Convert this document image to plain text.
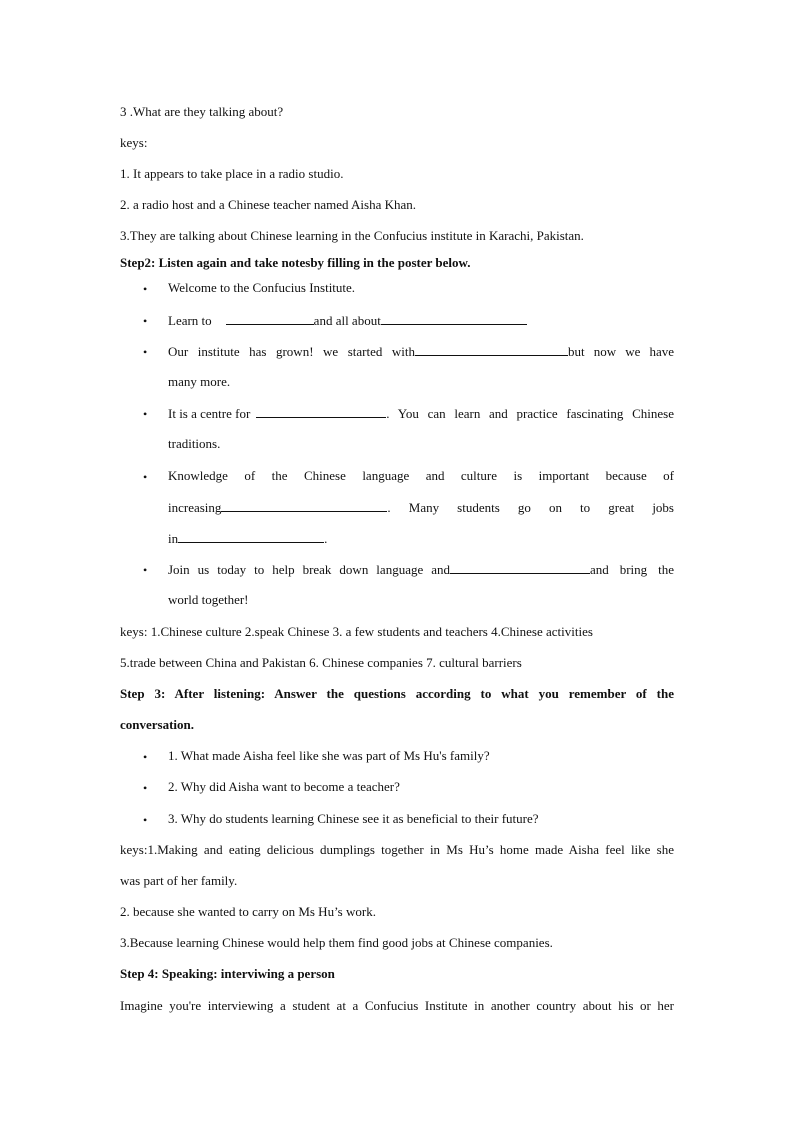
3 .What are they talking about?
keys:
1. It appears to take place in a radio studio.
2. a radio host and a Chinese teacher named Aisha Khan.
3.They are talking about Chinese learning in the Confucius institute in Karachi, Pakistan.
Step2: Listen again and take notesby filling in the poster below.
• Welcome to the Confucius Institute.
• Learn to	and all about
• Our institute has grown! we started with	but now we have
many more.
• It is a centre for	. You can learn and practice fascinating Chinese
traditions.
• Knowledge of the Chinese language and culture is important because of
increasing	. Many students go on to great jobs
in	.
• Join us today to help break down language and	and bring the
world together!
keys: 1.Chinese culture 2.speak Chinese 3. a few students and teachers 4.Chinese activities
5.trade between China and Pakistan 6. Chinese companies 7. cultural barriers
Step 3: After listening: Answer the questions according to what you remember of the
conversation.
• 1. What made Aisha feel like she was part of Ms Hu's family?
• 2. Why did Aisha want to become a teacher?
• 3. Why do students learning Chinese see it as beneficial to their future?
keys:1.Making and eating delicious dumplings together in Ms Hu’s home made Aisha feel like she
was part of her family.
2. because she wanted to carry on Ms Hu’s work.
3.Because learning Chinese would help them find good jobs at Chinese companies.
Step 4: Speaking: interviwing a person
Imagine you're interviewing a student at a Confucius Institute in another country about his or her
